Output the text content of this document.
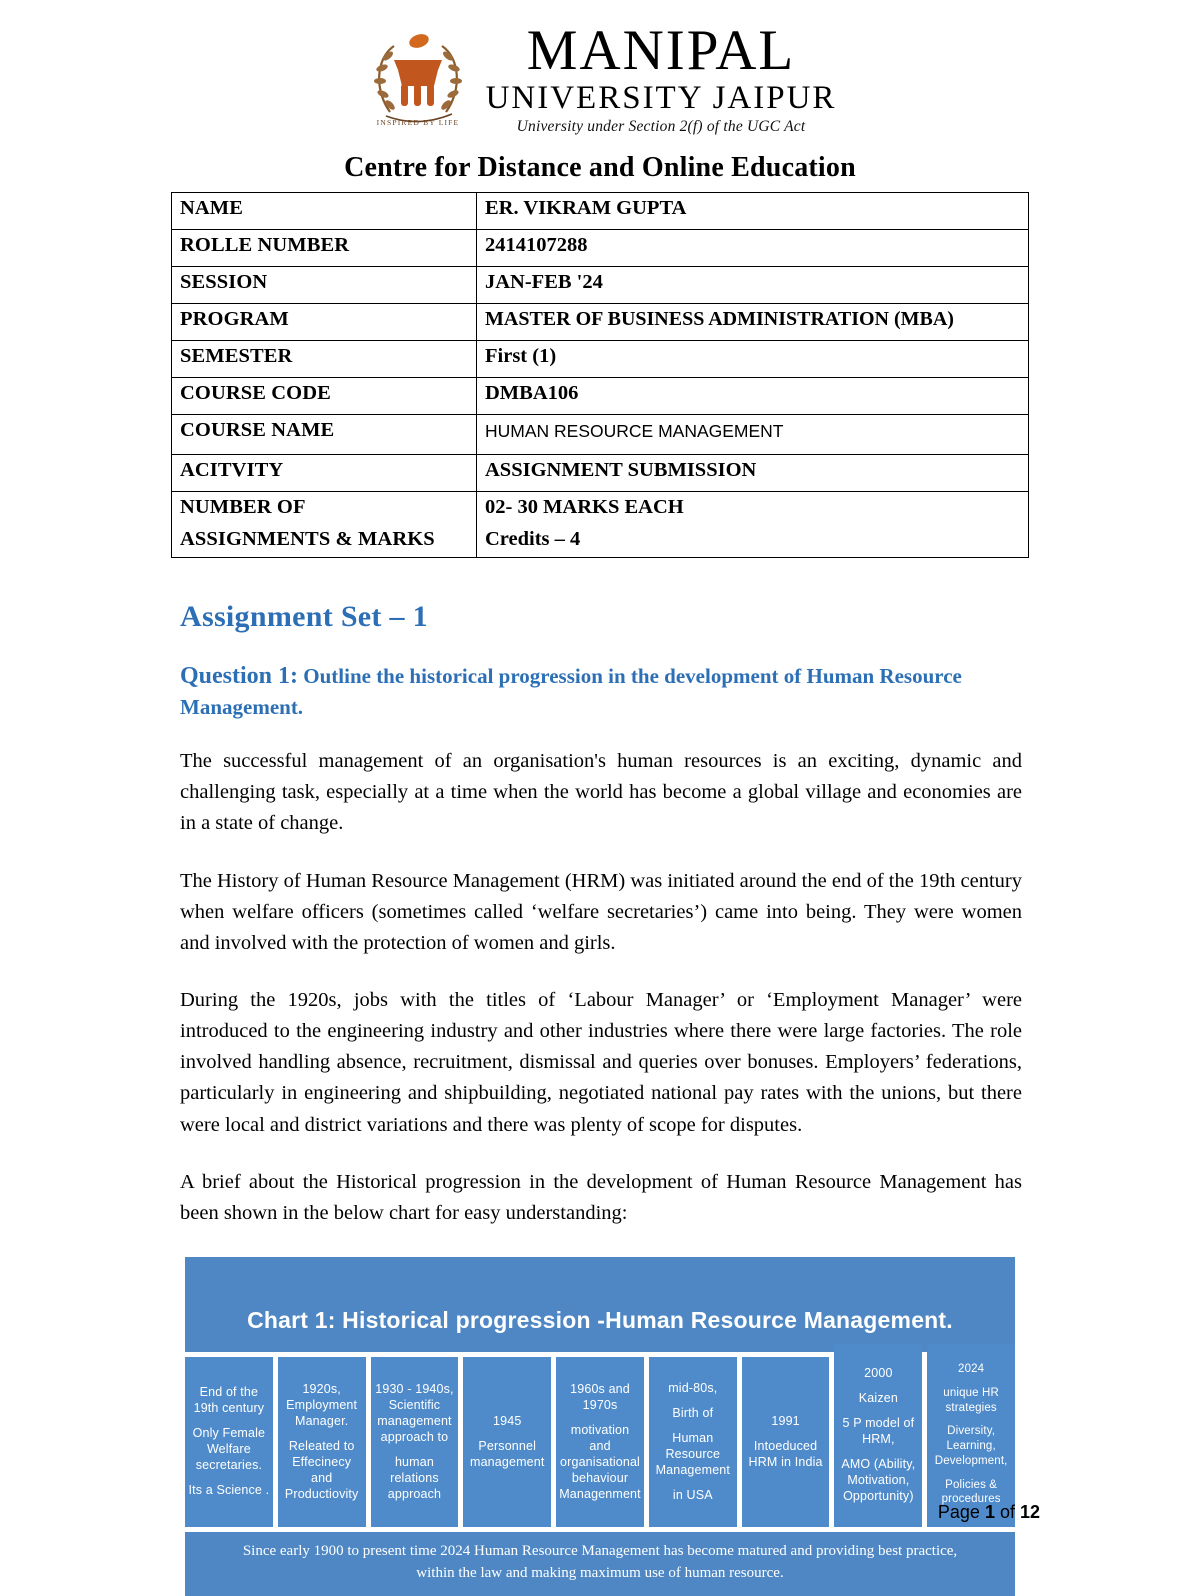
INSPIRED BY LIFE
MANIPAL
UNIVERSITY JAIPUR
University under Section 2(f) of the UGC Act
Centre for Distance and Online Education
NAME	ER. VIKRAM GUPTA
ROLLE NUMBER	2414107288
SESSION	JAN-FEB '24
PROGRAM	MASTER OF BUSINESS ADMINISTRATION (MBA)
SEMESTER	First (1)
COURSE CODE	DMBA106
COURSE NAME	HUMAN RESOURCE MANAGEMENT
ACITVITY	ASSIGNMENT SUBMISSION

NUMBER OF
ASSIGNMENTS & MARKS	02- 30 MARKS EACH
Credits – 4
Assignment Set – 1

Question 1: Outline the historical progression in the development of Human Resource Management.

The successful management of an organisation's human resources is an exciting, dynamic and challenging task, especially at a time when the world has become a global village and economies are in a state of change.

The History of Human Resource Management (HRM) was initiated around the end of the 19th century when welfare officers (sometimes called ‘welfare secretaries’) came into being. They were women and involved with the protection of women and girls.

During the 1920s, jobs with the titles of ‘Labour Manager’ or ‘Employment Manager’ were introduced to the engineering industry and other industries where there were large factories. The role involved handling absence, recruitment, dismissal and queries over bonuses. Employers’ federations, particularly in engineering and shipbuilding, negotiated national pay rates with the unions, but there were local and district variations and there was plenty of scope for disputes.

A brief about the Historical progression in the development of Human Resource Management has been shown in the below chart for easy understanding:

Chart 1: Historical progression -Human Resource Management.
End of the
19th century
Only Female
Welfare
secretaries.
Its a Science .
1920s,
Employment
Manager.
Releated to
Effecinecy
and
Productiovity
1930 - 1940s,
Scientific
management
approach to
human
relations
approach
1945
Personnel
management
1960s and
1970s
motivation and
organisational
behaviour
Managenment
mid-80s,
Birth of
Human
Resource
Management
in USA
1991
Intoeduced
HRM in India
2000
Kaizen
5 P model of
HRM,
AMO (Ability,
Motivation,
Opportunity)
2024
unique HR
strategies
Diversity,
Learning,
Development,
Policies &
procedures
Since early 1900 to present time 2024 Human Resource Management has become matured and providing best practice, within the law and making maximum use of human resource.
Page 1 of 12
